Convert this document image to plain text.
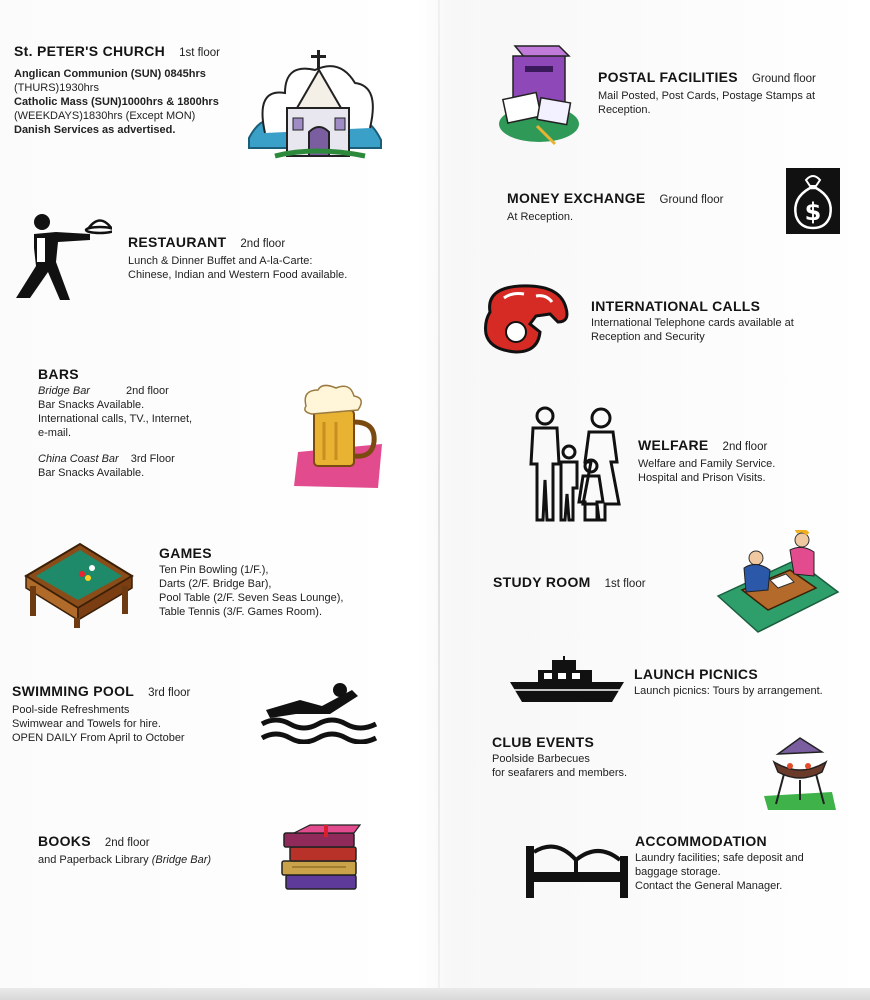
St. PETER'S CHURCH 1st floor
Anglican Communion (SUN) 0845hrs
(THURS)1930hrs
Catholic Mass (SUN)1000hrs & 1800hrs
(WEEKDAYS)1830hrs (Except MON)
Danish Services as advertised.
RESTAURANT 2nd floor
Lunch & Dinner Buffet and A-la-Carte:
Chinese, Indian and Western Food available.
BARS
Bridge Bar	2nd floor
Bar Snacks Available.
International calls, TV., Internet,
e-mail.
China Coast Bar 3rd Floor
Bar Snacks Available.
GAMES
Ten Pin Bowling (1/F.),
Darts (2/F. Bridge Bar),
Pool Table (2/F. Seven Seas Lounge),
Table Tennis (3/F. Games Room).
SWIMMING POOL 3rd floor
Pool-side Refreshments
Swimwear and Towels for hire.
OPEN DAILY From April to October
BOOKS 2nd floor
and Paperback Library (Bridge Bar)
POSTAL FACILITIES Ground floor
Mail Posted, Post Cards, Postage Stamps at
Reception.
MONEY EXCHANGE Ground floor
At Reception.	$
INTERNATIONAL CALLS
International Telephone cards available at
Reception and Security
WELFARE 2nd floor
Welfare and Family Service.
Hospital and Prison Visits.
STUDY ROOM 1st floor
LAUNCH PICNICS
Launch picnics: Tours by arrangement.
CLUB EVENTS
Poolside Barbecues
for seafarers and members.
ACCOMMODATION
Laundry facilities; safe deposit and
baggage storage.
Contact the General Manager.
